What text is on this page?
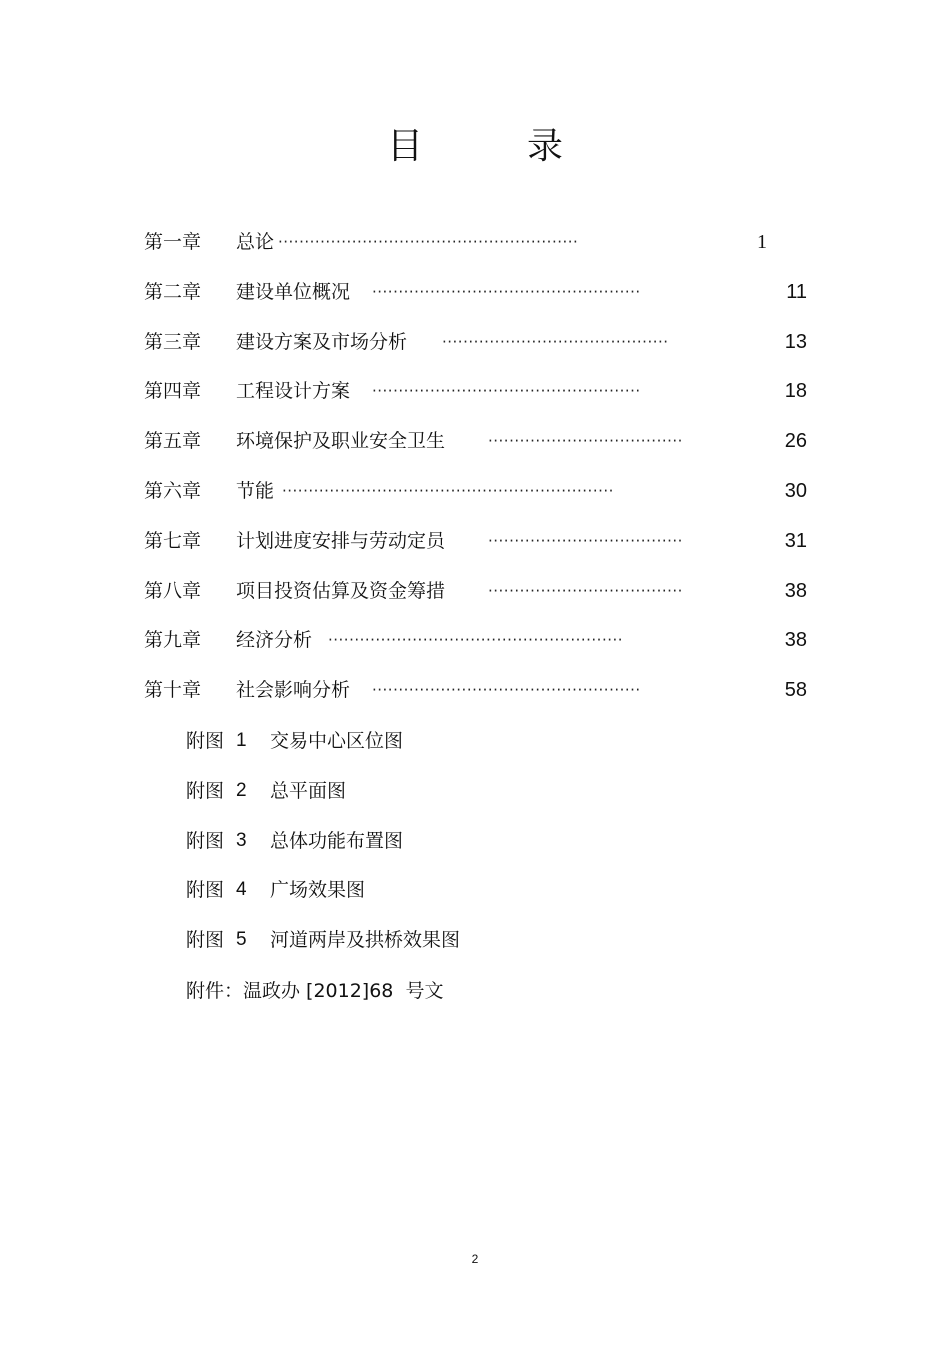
目　录
第一章 总论 ·························································	1
第二章 建设单位概况 ···················································	11
第三章 建设方案及市场分析 ···········································	13
第四章 工程设计方案 ···················································	18
第五章 环境保护及职业安全卫生	·····································	26
第六章 节能 ·······························································	30
第七章 计划进度安排与劳动定员	·····································	31
第八章 项目投资估算及资金筹措	·····································	38
第九章 经济分析 ························································	38
第十章 社会影响分析 ···················································	58
附图 1 交易中心区位图
附图 2 总平面图
附图 3 总体功能布置图
附图 4 广场效果图
附图 5 河道两岸及拱桥效果图
附件：温政办 [2012]68  号文
2
